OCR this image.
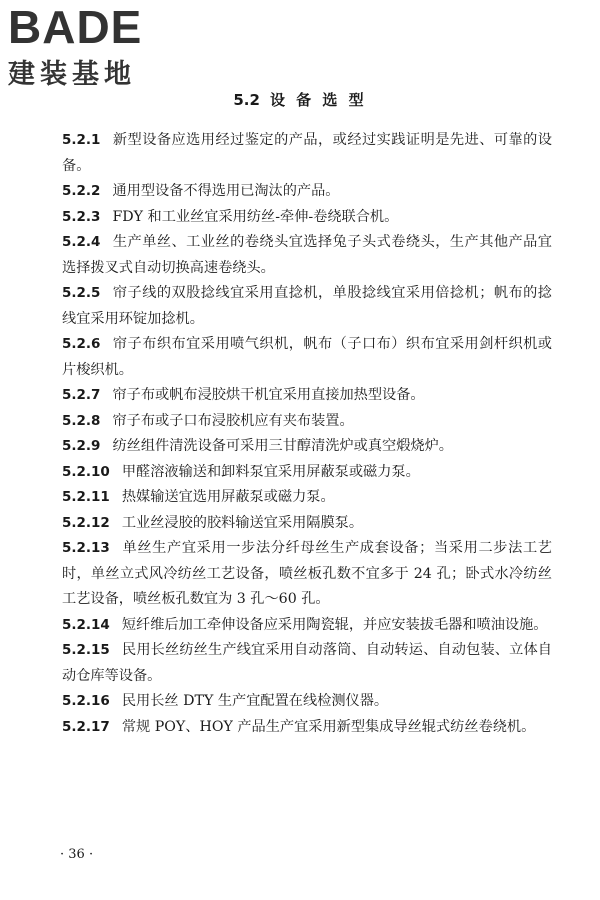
BADE
建装基地
5.2 设 备 选 型
5.2.1 新型设备应选用经过鉴定的产品，或经过实践证明是先进、可靠的设备。
5.2.2 通用型设备不得选用已淘汰的产品。
5.2.3 FDY 和工业丝宜采用纺丝-牵伸-卷绕联合机。
5.2.4 生产单丝、工业丝的卷绕头宜选择兔子头式卷绕头，生产其他产品宜选择拨叉式自动切换高速卷绕头。
5.2.5 帘子线的双股捻线宜采用直捻机，单股捻线宜采用倍捻机；帆布的捻线宜采用环锭加捻机。
5.2.6 帘子布织布宜采用喷气织机，帆布（子口布）织布宜采用剑杆织机或片梭织机。
5.2.7 帘子布或帆布浸胶烘干机宜采用直接加热型设备。
5.2.8 帘子布或子口布浸胶机应有夹布装置。
5.2.9 纺丝组件清洗设备可采用三甘醇清洗炉或真空煅烧炉。
5.2.10 甲醛溶液输送和卸料泵宜采用屏蔽泵或磁力泵。
5.2.11 热媒输送宜选用屏蔽泵或磁力泵。
5.2.12 工业丝浸胶的胶料输送宜采用隔膜泵。
5.2.13 单丝生产宜采用一步法分纤母丝生产成套设备；当采用二步法工艺时，单丝立式风冷纺丝工艺设备，喷丝板孔数不宜多于 24 孔；卧式水冷纺丝工艺设备，喷丝板孔数宜为 3 孔～60 孔。
5.2.14 短纤维后加工牵伸设备应采用陶瓷辊，并应安装拔毛器和喷油设施。
5.2.15 民用长丝纺丝生产线宜采用自动落筒、自动转运、自动包装、立体自动仓库等设备。
5.2.16 民用长丝 DTY 生产宜配置在线检测仪器。
5.2.17 常规 POY、HOY 产品生产宜采用新型集成导丝辊式纺丝卷绕机。
· 36 ·
